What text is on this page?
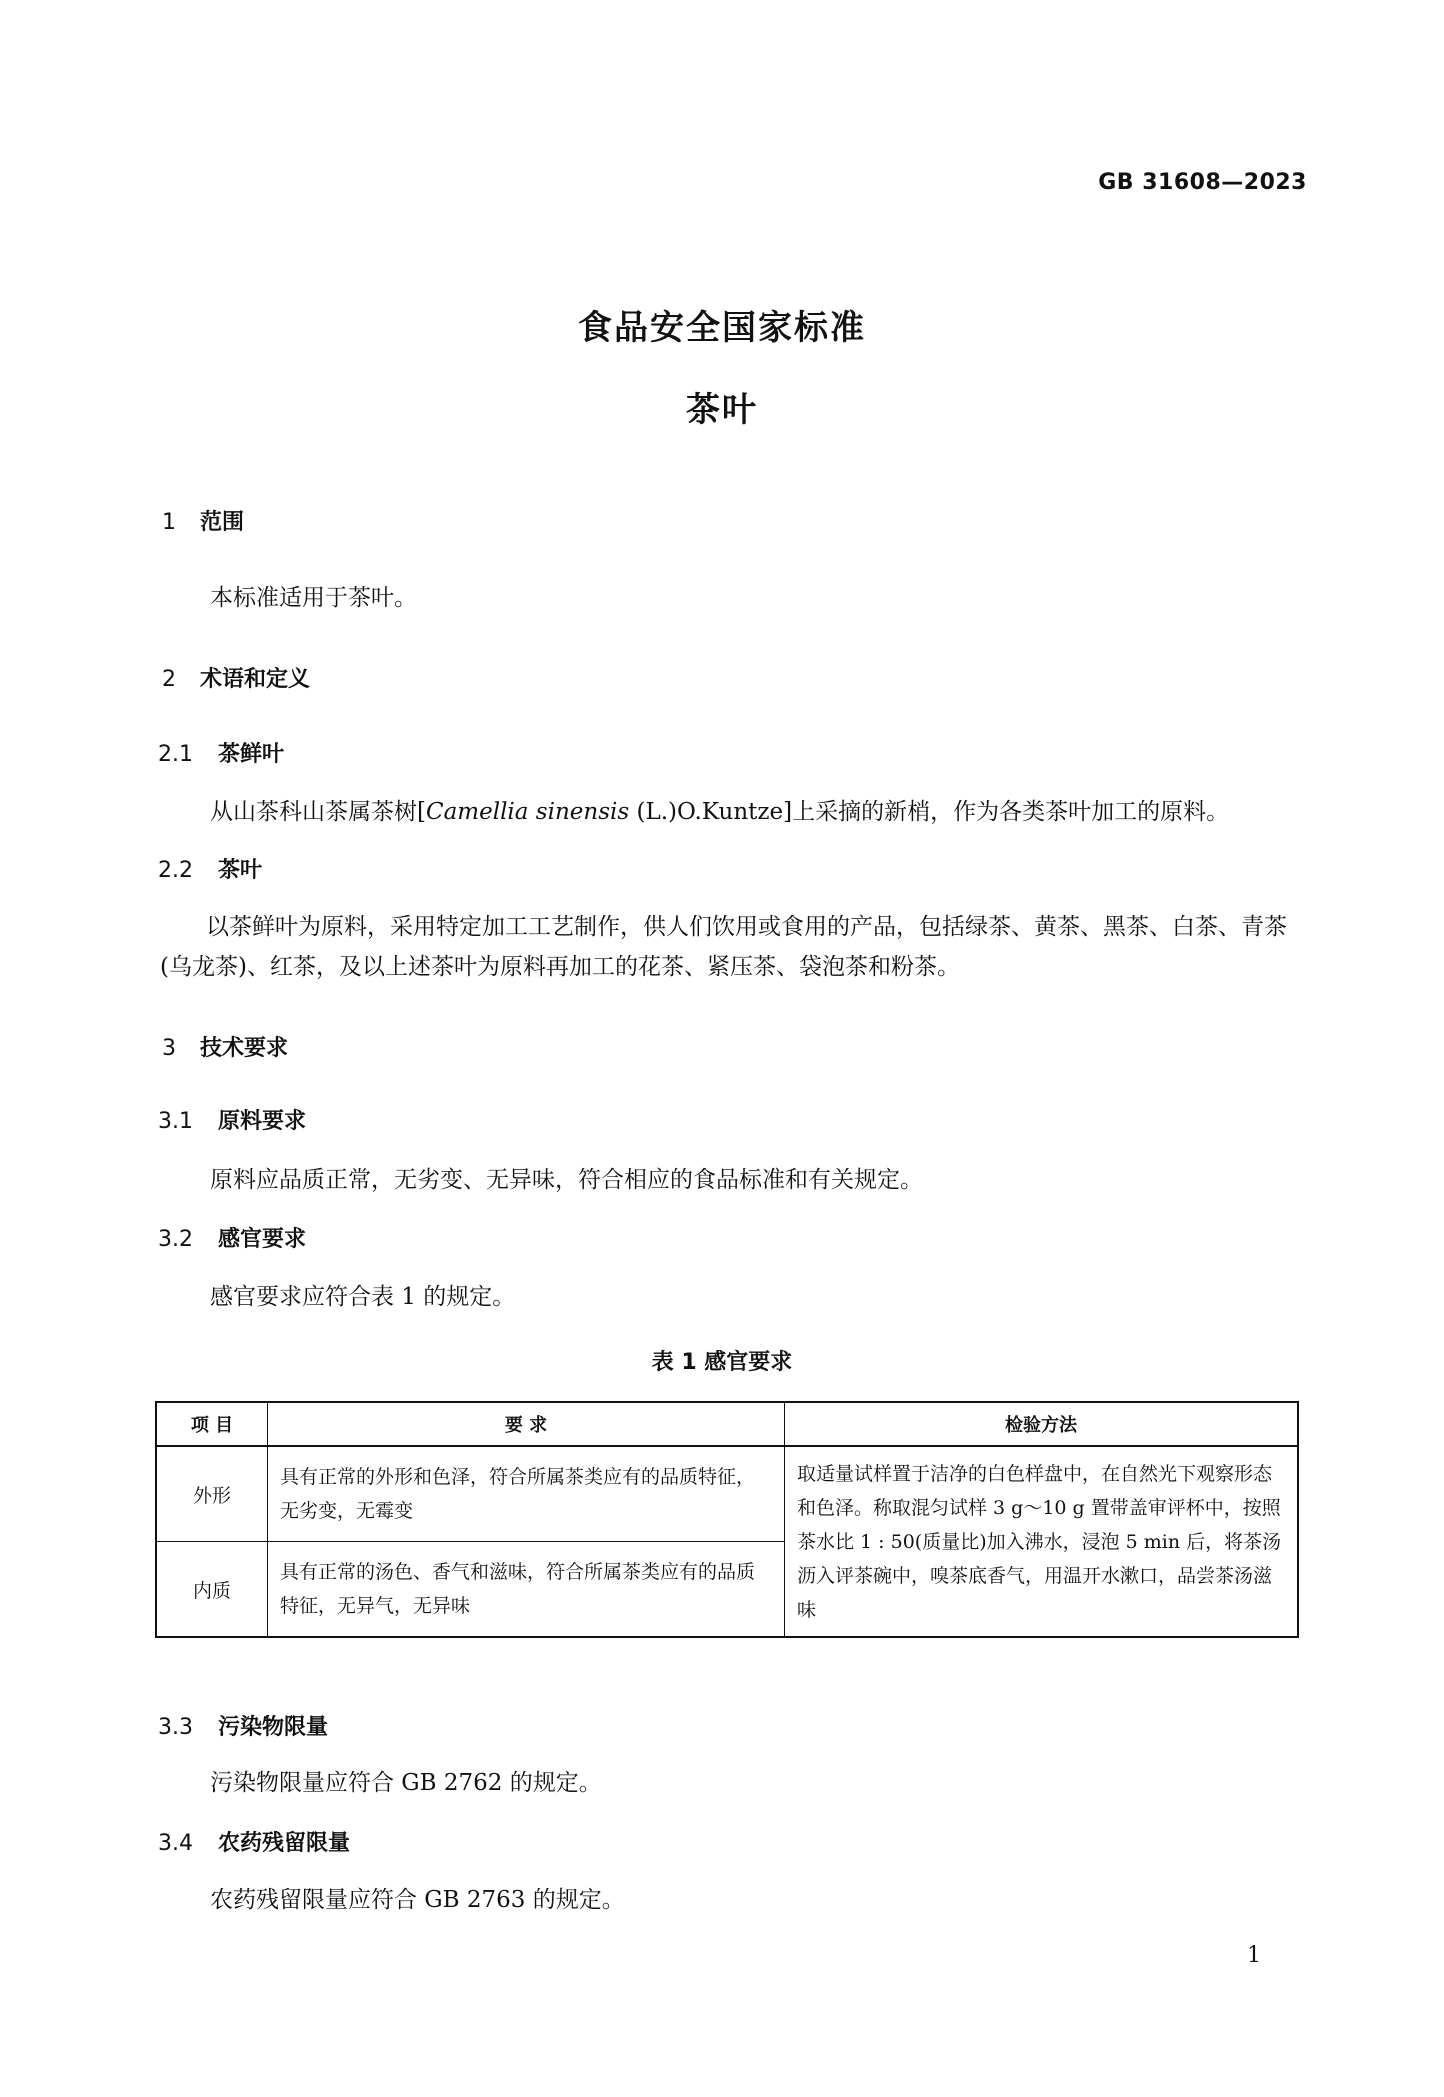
GB 31608—2023
食品安全国家标准
茶叶
1 范围
本标准适用于茶叶。
2 术语和定义
2.1 茶鲜叶
从山茶科山茶属茶树[Camellia sinensis (L.)O.Kuntze]上采摘的新梢，作为各类茶叶加工的原料。
2.2 茶叶
以茶鲜叶为原料，采用特定加工工艺制作，供人们饮用或食用的产品，包括绿茶、黄茶、黑茶、白茶、青茶(乌龙茶)、红茶，及以上述茶叶为原料再加工的花茶、紧压茶、袋泡茶和粉茶。
3 技术要求
3.1 原料要求
原料应品质正常，无劣变、无异味，符合相应的食品标准和有关规定。
3.2 感官要求
感官要求应符合表 1 的规定。
表 1 感官要求
项 目	要 求	检验方法
外形	具有正常的外形和色泽，符合所属茶类应有的品质特征，无劣变，无霉变	取适量试样置于洁净的白色样盘中，在自然光下观察形态和色泽。称取混匀试样 3 g～10 g 置带盖审评杯中，按照茶水比 1 : 50(质量比)加入沸水，浸泡 5 min 后，将茶汤沥入评茶碗中，嗅茶底香气，用温开水漱口，品尝茶汤滋味
内质	具有正常的汤色、香气和滋味，符合所属茶类应有的品质特征，无异气，无异味	
3.3 污染物限量
污染物限量应符合 GB 2762 的规定。
3.4 农药残留限量
农药残留限量应符合 GB 2763 的规定。
1
